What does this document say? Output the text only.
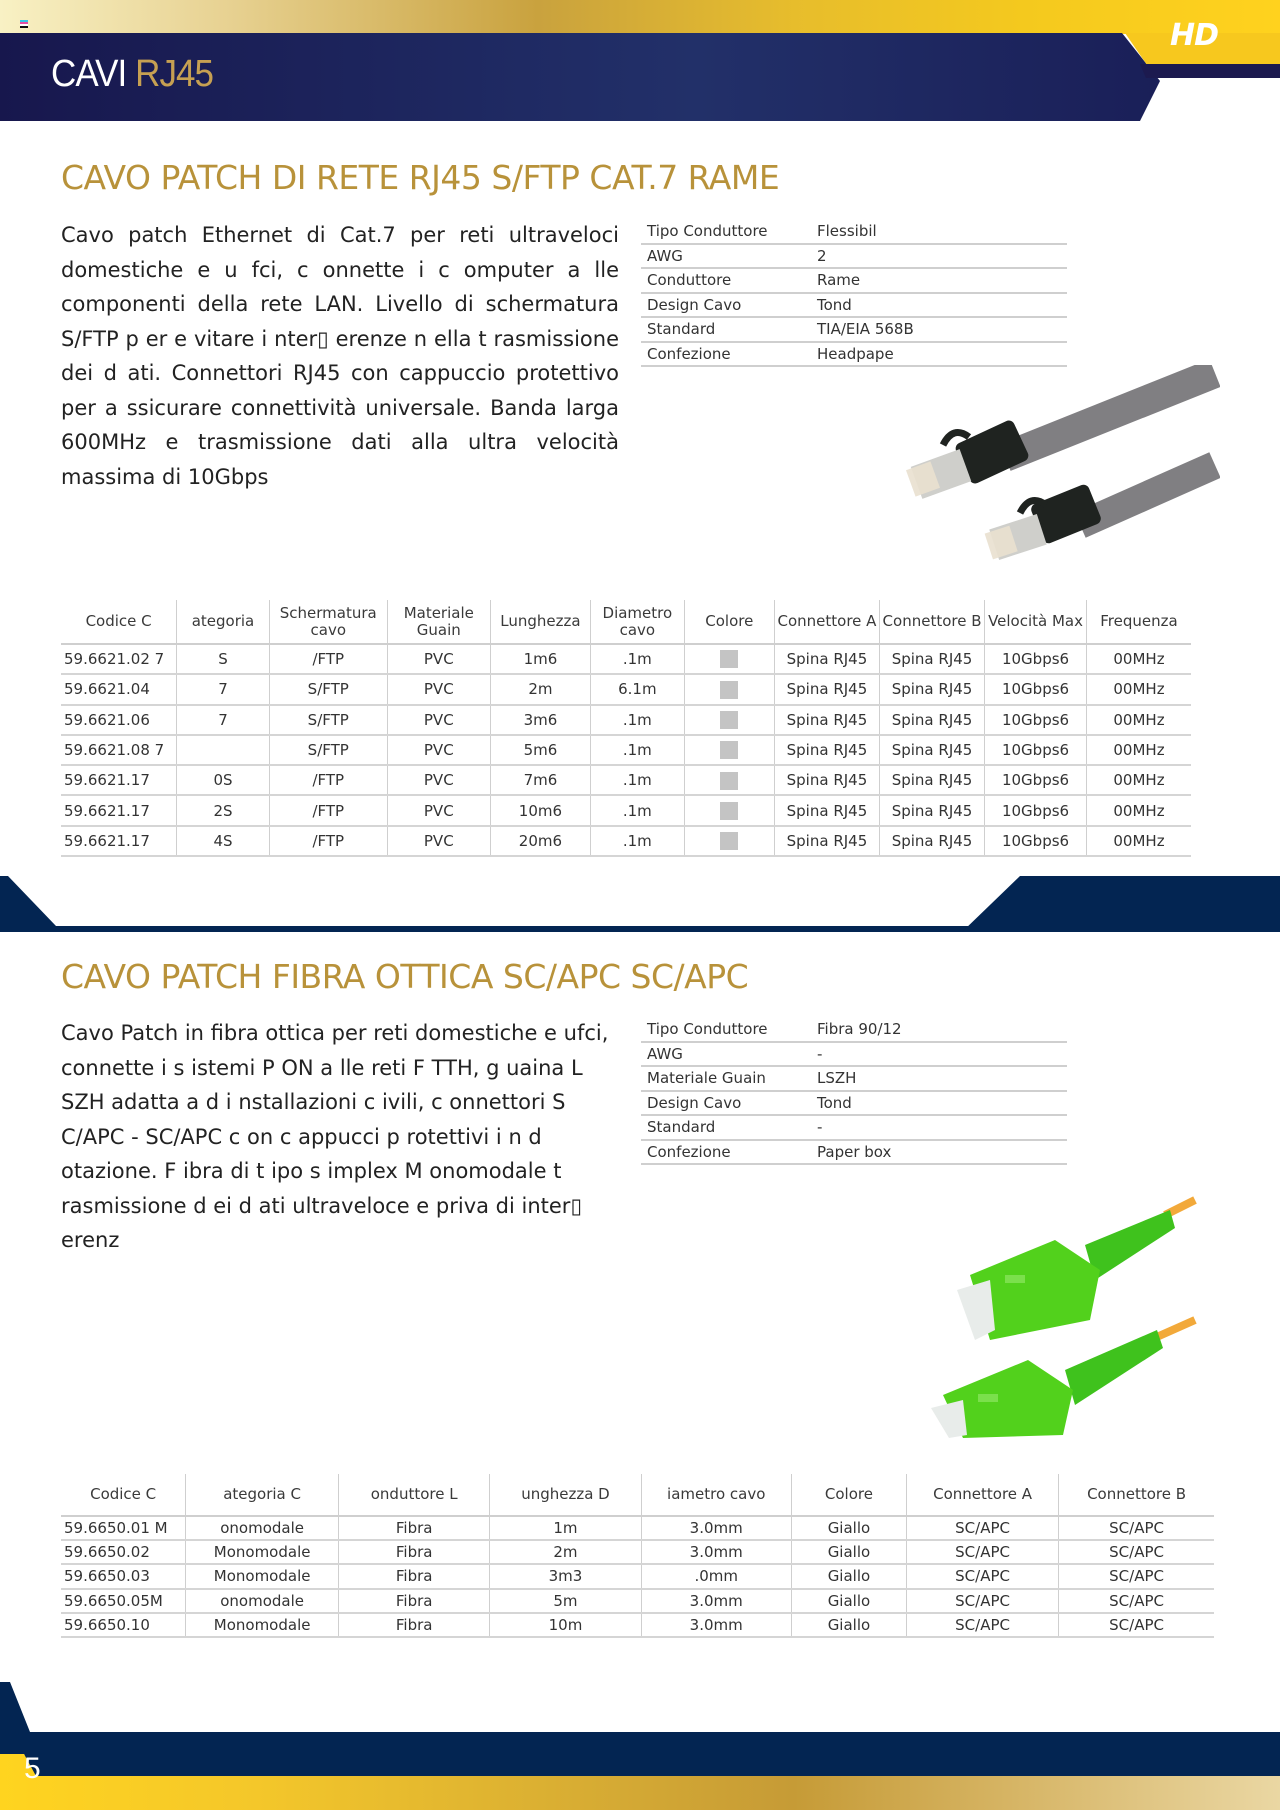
HD
CAVI RJ45
CAVO PATCH DI RETE RJ45 S/FTP CAT.7 RAME
Cavo patch Ethernet di Cat.7 per reti ultraveloci domestiche e u fci, c onnette i c omputer a lle componenti della rete LAN. Livello di schermatura S/FTP p er e vitare i nter▯ erenze n ella t rasmissione dei d ati. Connettori RJ45 con cappuccio protettivo per a ssicurare connettività universale. Banda larga 600MHz e trasmissione dati alla ultra velocità massima di 10Gbps
Tipo Conduttore	Flessibil
AWG	2
Conduttore	Rame
Design Cavo	Tond
Standard	TIA/EIA 568B
Confezione	Headpape
Codice C	ategoria	Schermatura cavo	Materiale Guain	Lunghezza	Diametro cavo	Colore	Connettore A	Connettore B	Velocità Max	Frequenza
59.6621.02 7	S	/FTP	PVC	1m6	.1m		Spina RJ45	Spina RJ45	10Gbps6	00MHz
59.6621.04	7	S/FTP	PVC	2m	6.1m		Spina RJ45	Spina RJ45	10Gbps6	00MHz
59.6621.06	7	S/FTP	PVC	3m6	.1m		Spina RJ45	Spina RJ45	10Gbps6	00MHz
59.6621.08 7		S/FTP	PVC	5m6	.1m		Spina RJ45	Spina RJ45	10Gbps6	00MHz
59.6621.17	0S	/FTP	PVC	7m6	.1m		Spina RJ45	Spina RJ45	10Gbps6	00MHz
59.6621.17	2S	/FTP	PVC	10m6	.1m		Spina RJ45	Spina RJ45	10Gbps6	00MHz
59.6621.17	4S	/FTP	PVC	20m6	.1m		Spina RJ45	Spina RJ45	10Gbps6	00MHz
CAVO PATCH FIBRA OTTICA SC/APC SC/APC
Cavo Patch in fibra ottica per reti domestiche e ufci, connette i s istemi P ON a lle reti F TTH, g uaina L SZH adatta a d i nstallazioni c ivili, c onnettori S C/APC - SC/APC c on c appucci p rotettivi i n d otazione. F ibra di t ipo s implex M onomodale t rasmissione d ei d ati ultraveloce e priva di inter▯ erenz
Tipo Conduttore	Fibra 90/12
AWG	-
Materiale Guain	LSZH
Design Cavo	Tond
Standard	-
Confezione	Paper box
Codice C	ategoria C	onduttore L	unghezza D	iametro cavo	Colore	Connettore A	Connettore B
59.6650.01 M	onomodale	Fibra	1m	3.0mm	Giallo	SC/APC	SC/APC
59.6650.02	Monomodale	Fibra	2m	3.0mm	Giallo	SC/APC	SC/APC
59.6650.03	Monomodale	Fibra	3m3	.0mm	Giallo	SC/APC	SC/APC
59.6650.05M	onomodale	Fibra	5m	3.0mm	Giallo	SC/APC	SC/APC
59.6650.10	Monomodale	Fibra	10m	3.0mm	Giallo	SC/APC	SC/APC
5
